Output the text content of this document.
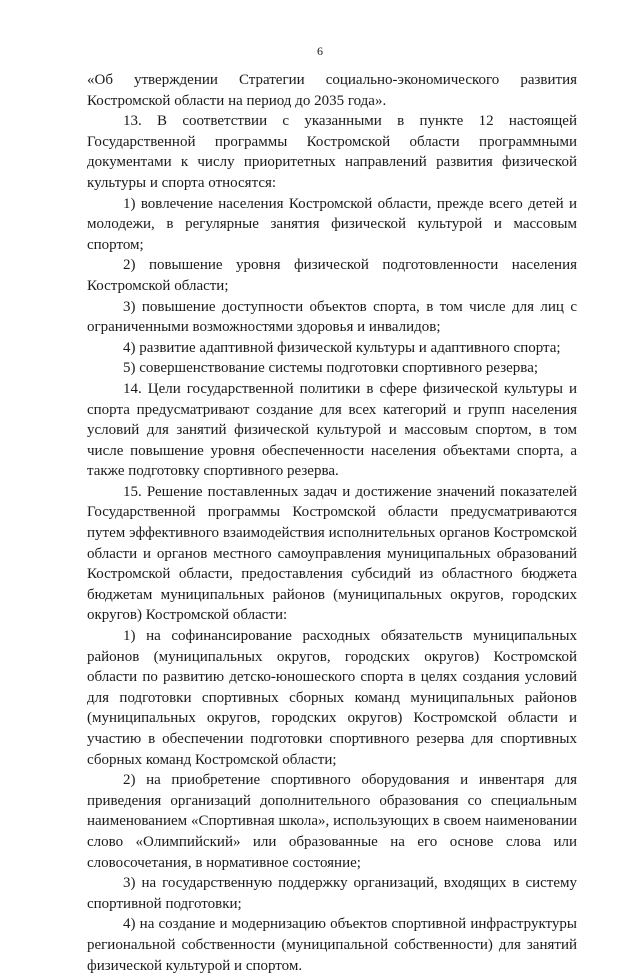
6

«Об утверждении Стратегии социально-экономического развития Костромской области на период до 2035 года».

13. В соответствии с указанными в пункте 12 настоящей Государственной программы Костромской области программными документами к числу приоритетных направлений развития физической культуры и спорта относятся:

1) вовлечение населения Костромской области, прежде всего детей и молодежи, в регулярные занятия физической культурой и массовым спортом;

2) повышение уровня физической подготовленности населения Костромской области;

3) повышение доступности объектов спорта, в том числе для лиц с ограниченными возможностями здоровья и инвалидов;

4) развитие адаптивной физической культуры и адаптивного спорта;

5) совершенствование системы подготовки спортивного резерва;

14. Цели государственной политики в сфере физической культуры и спорта предусматривают создание для всех категорий и групп населения условий для занятий физической культурой и массовым спортом, в том числе повышение уровня обеспеченности населения объектами спорта, а также подготовку спортивного резерва.

15. Решение поставленных задач и достижение значений показателей Государственной программы Костромской области предусматриваются путем эффективного взаимодействия исполнительных органов Костромской области и органов местного самоуправления муниципальных образований Костромской области, предоставления субсидий из областного бюджета бюджетам муниципальных районов (муниципальных округов, городских округов) Костромской области:

1) на софинансирование расходных обязательств муниципальных районов (муниципальных округов, городских округов) Костромской области по развитию детско-юношеского спорта в целях создания условий для подготовки спортивных сборных команд муниципальных районов (муниципальных округов, городских округов) Костромской области и участию в обеспечении подготовки спортивного резерва для спортивных сборных команд Костромской области;

2) на приобретение спортивного оборудования и инвентаря для приведения организаций дополнительного образования со специальным наименованием «Спортивная школа», использующих в своем наименовании слово «Олимпийский» или образованные на его основе слова или словосочетания, в нормативное состояние;

3) на государственную поддержку организаций, входящих в систему спортивной подготовки;

4) на создание и модернизацию объектов спортивной инфраструктуры региональной собственности (муниципальной собственности) для занятий физической культурой и спортом.
